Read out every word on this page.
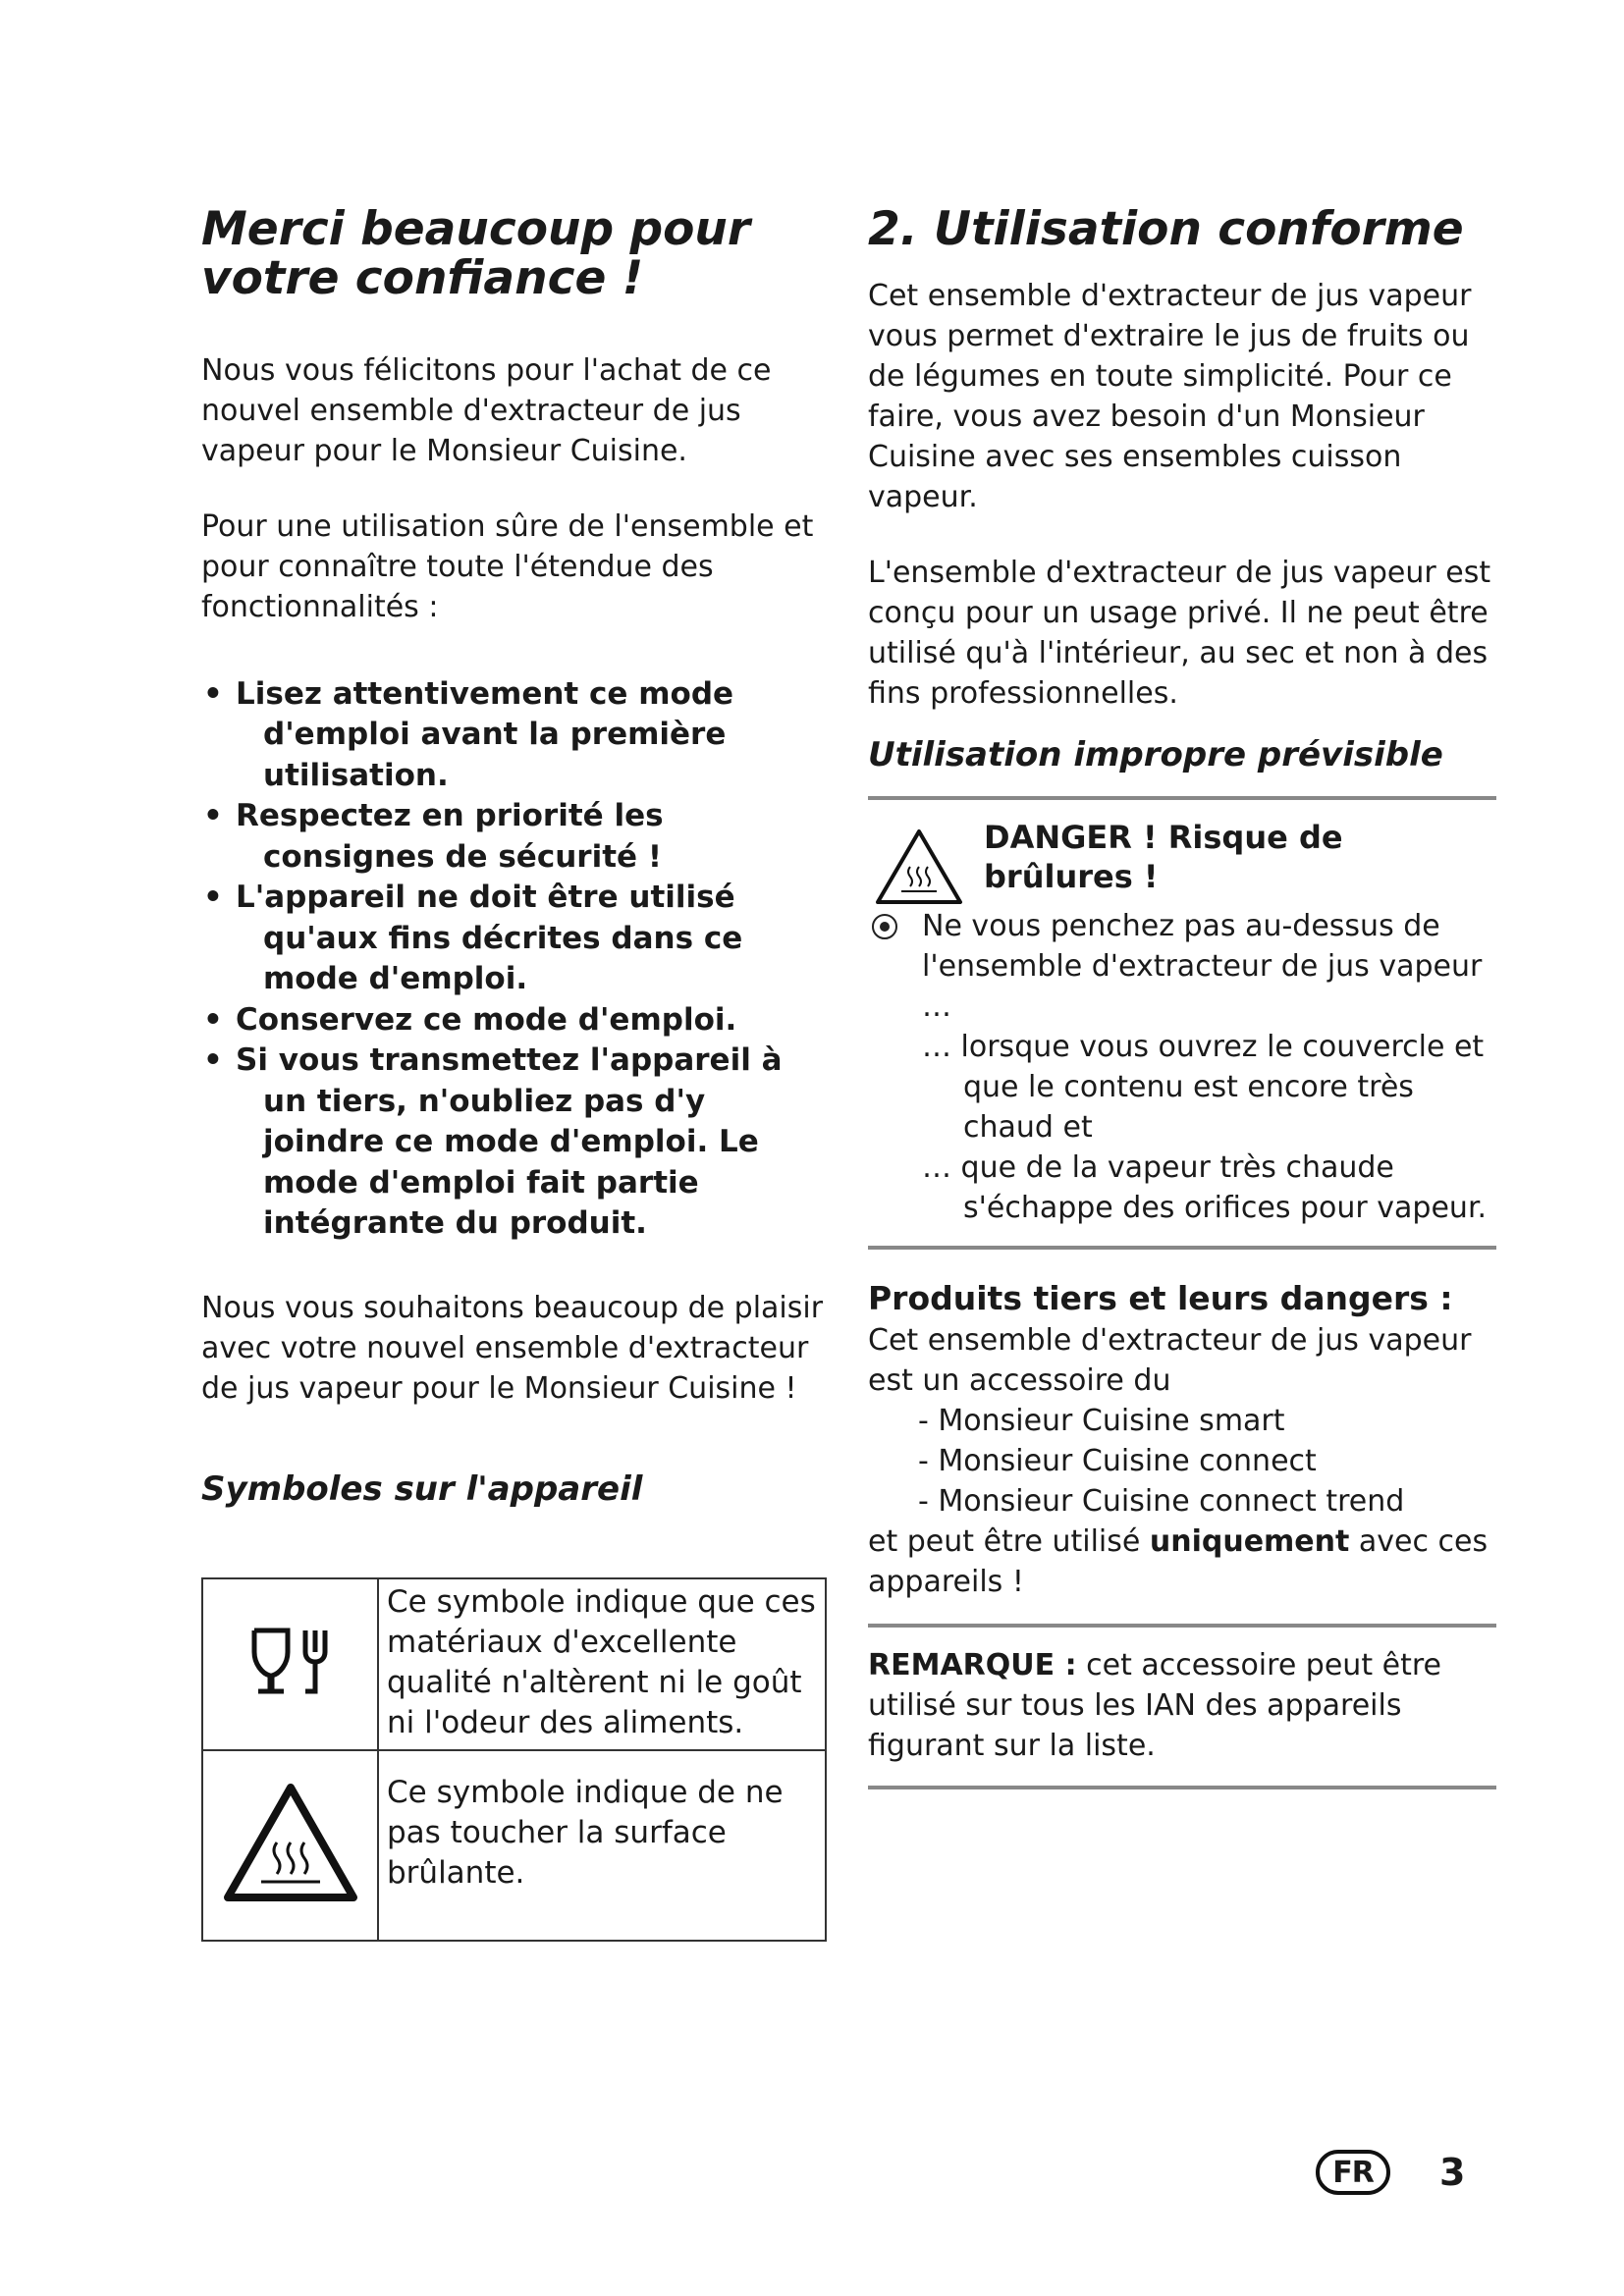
Merci beaucoup pour votre confiance !

Nous vous félicitons pour l'achat de ce nouvel ensemble d'extracteur de jus vapeur pour le Monsieur Cuisine.

Pour une utilisation sûre de l'ensemble et pour connaître toute l'étendue des fonctionnalités :

• Lisez attentivement ce mode d'emploi avant la première utilisation.
• Respectez en priorité les consignes de sécurité !
• L'appareil ne doit être utilisé qu'aux fins décrites dans ce mode d'emploi.
• Conservez ce mode d'emploi.
• Si vous transmettez l'appareil à un tiers, n'oubliez pas d'y joindre ce mode d'emploi. Le mode d'emploi fait partie intégrante du produit.

Nous vous souhaitons beaucoup de plaisir avec votre nouvel ensemble d'extracteur de jus vapeur pour le Monsieur Cuisine !

Symboles sur l'appareil
	Ce symbole indique que ces matériaux d'excellente qualité n'altèrent ni le goût ni l'odeur des aliments.
	Ce symbole indique de ne pas toucher la surface brûlante.
2. Utilisation conforme

Cet ensemble d'extracteur de jus vapeur vous permet d'extraire le jus de fruits ou de légumes en toute simplicité. Pour ce faire, vous avez besoin d'un Monsieur Cuisine avec ses ensembles cuisson vapeur.

L'ensemble d'extracteur de jus vapeur est conçu pour un usage privé. Il ne peut être utilisé qu'à l'intérieur, au sec et non à des fins professionnelles.

Utilisation impropre prévisible
DANGER ! Risque de brûlures !
Ne vous penchez pas au-dessus de l'ensemble d'extracteur de jus vapeur …
… lorsque vous ouvrez le couvercle et que le contenu est encore très chaud et
… que de la vapeur très chaude s'échappe des orifices pour vapeur.
Produits tiers et leurs dangers :

Cet ensemble d'extracteur de jus vapeur est un accessoire du

- Monsieur Cuisine smart
- Monsieur Cuisine connect
- Monsieur Cuisine connect trend

et peut être utilisé uniquement avec ces appareils !

REMARQUE : cet accessoire peut être utilisé sur tous les IAN des appareils figurant sur la liste.

FR	3
